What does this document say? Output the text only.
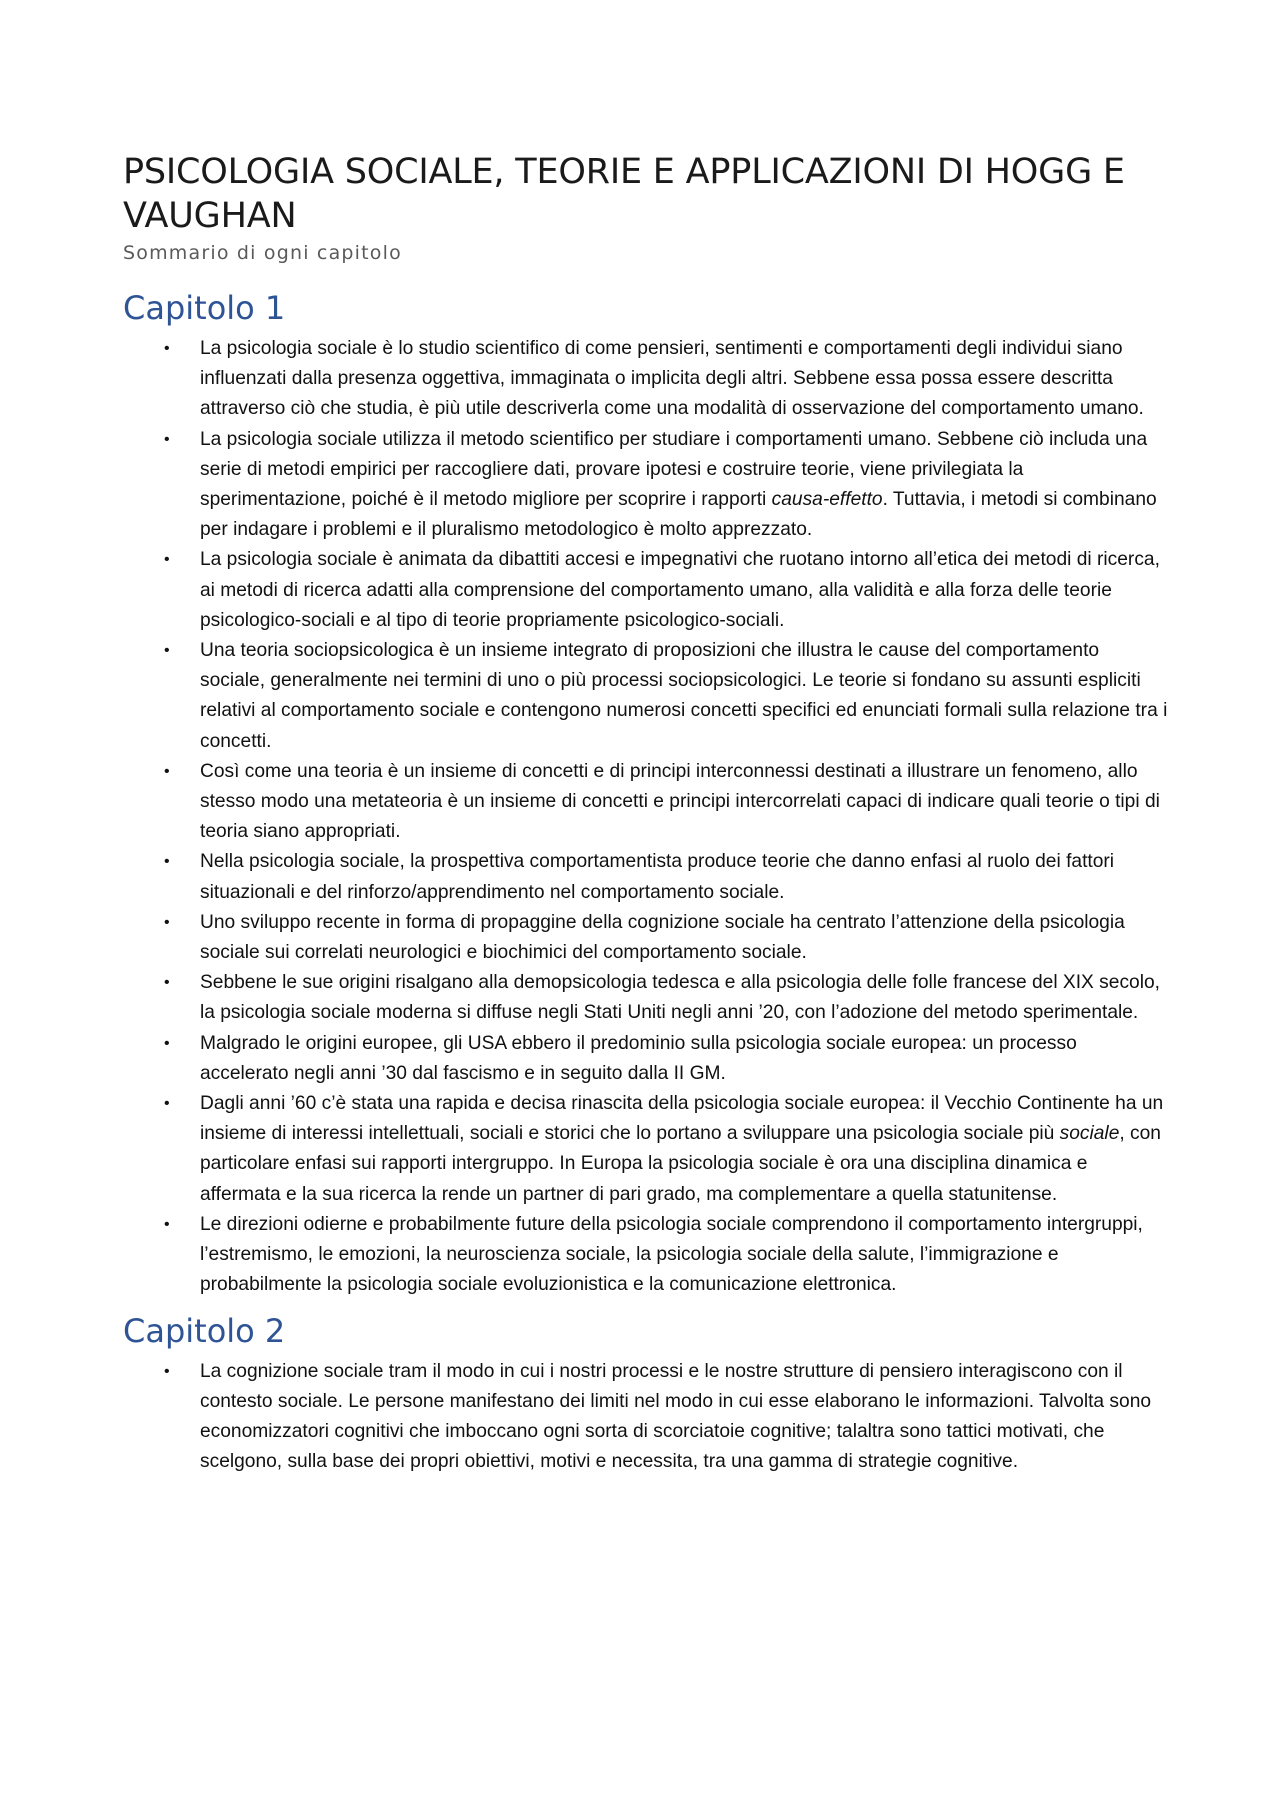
PSICOLOGIA SOCIALE, TEORIE E APPLICAZIONI DI HOGG E VAUGHAN
Sommario di ogni capitolo
Capitolo 1
• La psicologia sociale è lo studio scientifico di come pensieri, sentimenti e comportamenti degli individui siano influenzati dalla presenza oggettiva, immaginata o implicita degli altri. Sebbene essa possa essere descritta attraverso ciò che studia, è più utile descriverla come una modalità di osservazione del comportamento umano.
• La psicologia sociale utilizza il metodo scientifico per studiare i comportamenti umano. Sebbene ciò includa una serie di metodi empirici per raccogliere dati, provare ipotesi e costruire teorie, viene privilegiata la sperimentazione, poiché è il metodo migliore per scoprire i rapporti causa-effetto. Tuttavia, i metodi si combinano per indagare i problemi e il pluralismo metodologico è molto apprezzato.
• La psicologia sociale è animata da dibattiti accesi e impegnativi che ruotano intorno all’etica dei metodi di ricerca, ai metodi di ricerca adatti alla comprensione del comportamento umano, alla validità e alla forza delle teorie psicologico-sociali e al tipo di teorie propriamente psicologico-sociali.
• Una teoria sociopsicologica è un insieme integrato di proposizioni che illustra le cause del comportamento sociale, generalmente nei termini di uno o più processi sociopsicologici. Le teorie si fondano su assunti espliciti relativi al comportamento sociale e contengono numerosi concetti specifici ed enunciati formali sulla relazione tra i concetti.
• Così come una teoria è un insieme di concetti e di principi interconnessi destinati a illustrare un fenomeno, allo stesso modo una metateoria è un insieme di concetti e principi intercorrelati capaci di indicare quali teorie o tipi di teoria siano appropriati.
• Nella psicologia sociale, la prospettiva comportamentista produce teorie che danno enfasi al ruolo dei fattori situazionali e del rinforzo/apprendimento nel comportamento sociale.
• Uno sviluppo recente in forma di propaggine della cognizione sociale ha centrato l’attenzione della psicologia sociale sui correlati neurologici e biochimici del comportamento sociale.
• Sebbene le sue origini risalgano alla demopsicologia tedesca e alla psicologia delle folle francese del XIX secolo, la psicologia sociale moderna si diffuse negli Stati Uniti negli anni ’20, con l’adozione del metodo sperimentale.
• Malgrado le origini europee, gli USA ebbero il predominio sulla psicologia sociale europea: un processo accelerato negli anni ’30 dal fascismo e in seguito dalla II GM.
• Dagli anni ’60 c’è stata una rapida e decisa rinascita della psicologia sociale europea: il Vecchio Continente ha un insieme di interessi intellettuali, sociali e storici che lo portano a sviluppare una psicologia sociale più sociale, con particolare enfasi sui rapporti intergruppo. In Europa la psicologia sociale è ora una disciplina dinamica e affermata e la sua ricerca la rende un partner di pari grado, ma complementare a quella statunitense.
• Le direzioni odierne e probabilmente future della psicologia sociale comprendono il comportamento intergruppi, l’estremismo, le emozioni, la neuroscienza sociale, la psicologia sociale della salute, l’immigrazione e probabilmente la psicologia sociale evoluzionistica e la comunicazione elettronica.
Capitolo 2
• La cognizione sociale tram il modo in cui i nostri processi e le nostre strutture di pensiero interagiscono con il contesto sociale. Le persone manifestano dei limiti nel modo in cui esse elaborano le informazioni. Talvolta sono economizzatori cognitivi che imboccano ogni sorta di scorciatoie cognitive; talaltra sono tattici motivati, che scelgono, sulla base dei propri obiettivi, motivi e necessita, tra una gamma di strategie cognitive.
